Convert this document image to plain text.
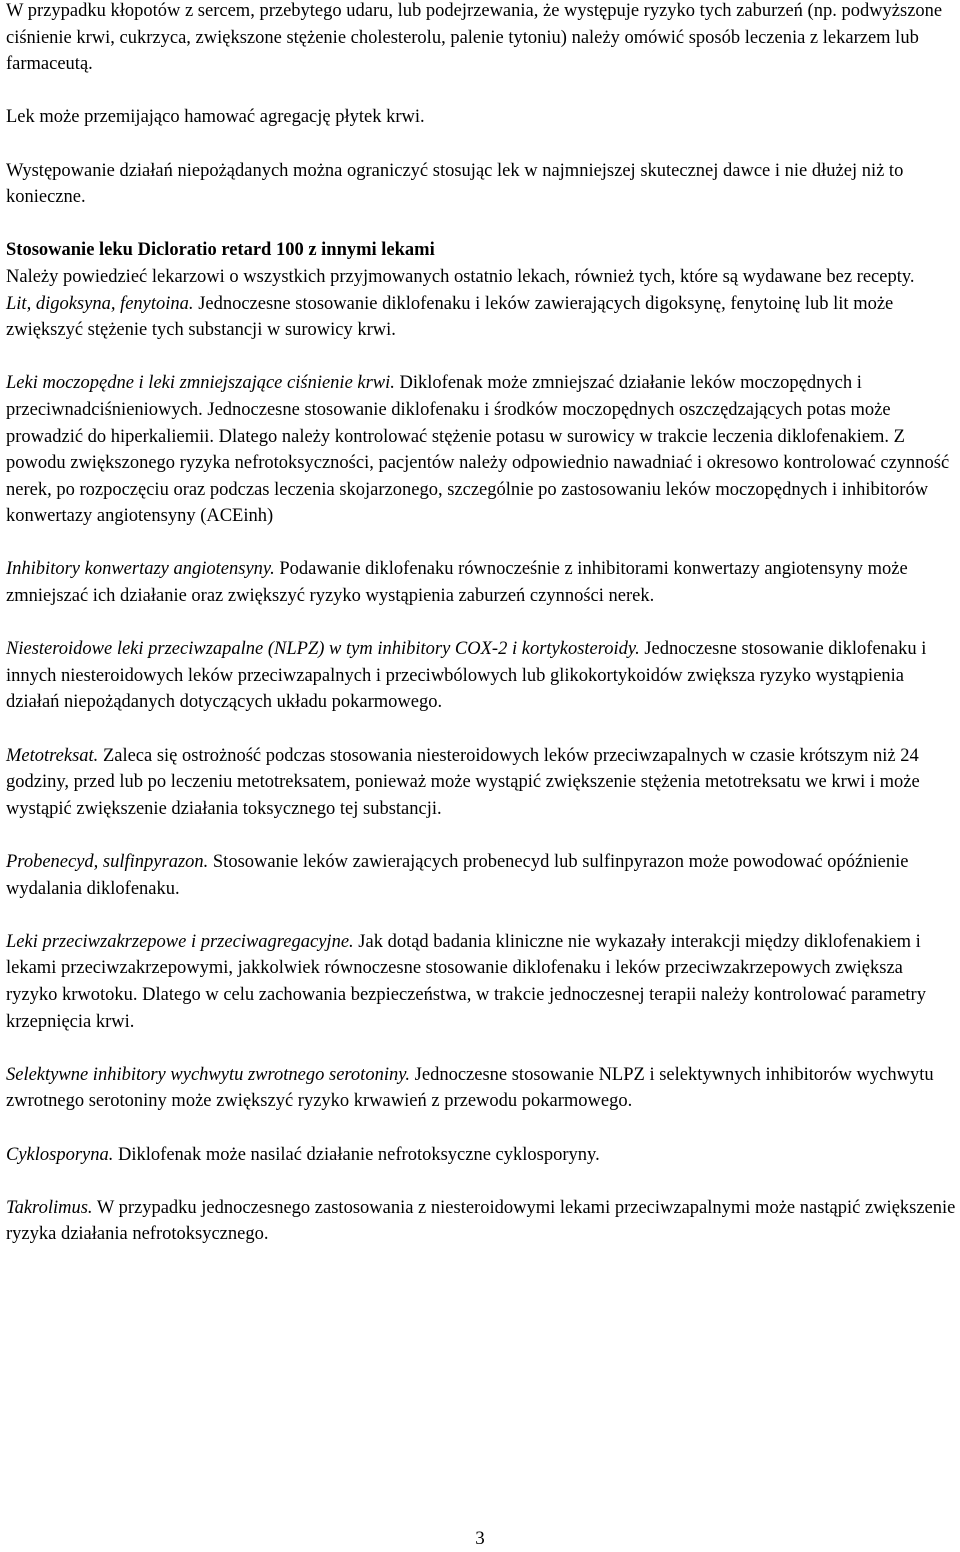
W przypadku kłopotów z sercem, przebytego udaru, lub podejrzewania, że występuje ryzyko tych zaburzeń (np. podwyższone ciśnienie krwi, cukrzyca, zwiększone stężenie cholesterolu, palenie tytoniu) należy omówić sposób leczenia z lekarzem lub farmaceutą.

Lek może przemijająco hamować agregację płytek krwi.

Występowanie działań niepożądanych można ograniczyć stosując lek w najmniejszej skutecznej dawce i nie dłużej niż to konieczne.

Stosowanie leku Dicloratio retard 100 z innymi lekami
Należy powiedzieć lekarzowi o wszystkich przyjmowanych ostatnio lekach, również tych, które są wydawane bez recepty.

Lit, digoksyna, fenytoina. Jednoczesne stosowanie diklofenaku i leków zawierających digoksynę, fenytoinę lub lit może zwiększyć stężenie tych substancji w surowicy krwi.

Leki moczopędne i leki zmniejszające ciśnienie krwi. Diklofenak może zmniejszać działanie leków moczopędnych i przeciwnadciśnieniowych. Jednoczesne stosowanie diklofenaku i środków moczopędnych oszczędzających potas może prowadzić do hiperkaliemii. Dlatego należy kontrolować stężenie potasu w surowicy w trakcie leczenia diklofenakiem. Z powodu zwiększonego ryzyka nefrotoksyczności, pacjentów należy odpowiednio nawadniać i okresowo kontrolować czynność nerek, po rozpoczęciu oraz podczas leczenia skojarzonego, szczególnie po zastosowaniu leków moczopędnych i inhibitorów konwertazy angiotensyny (ACEinh)

Inhibitory konwertazy angiotensyny. Podawanie diklofenaku równocześnie z inhibitorami konwertazy angiotensyny może zmniejszać ich działanie oraz zwiększyć ryzyko wystąpienia zaburzeń czynności nerek.

Niesteroidowe leki przeciwzapalne (NLPZ) w tym inhibitory COX-2 i kortykosteroidy. Jednoczesne stosowanie diklofenaku i innych niesteroidowych leków przeciwzapalnych i przeciwbólowych lub glikokortykoidów zwiększa ryzyko wystąpienia działań niepożądanych dotyczących układu pokarmowego.

Metotreksat. Zaleca się ostrożność podczas stosowania niesteroidowych leków przeciwzapalnych w czasie krótszym niż 24 godziny, przed lub po leczeniu metotreksatem, ponieważ może wystąpić zwiększenie stężenia metotreksatu we krwi i może wystąpić zwiększenie działania toksycznego tej substancji.

Probenecyd, sulfinpyrazon. Stosowanie leków zawierających probenecyd lub sulfinpyrazon może powodować opóźnienie wydalania diklofenaku.

Leki przeciwzakrzepowe i przeciwagregacyjne. Jak dotąd badania kliniczne nie wykazały interakcji między diklofenakiem i lekami przeciwzakrzepowymi, jakkolwiek równoczesne stosowanie diklofenaku i leków przeciwzakrzepowych zwiększa ryzyko krwotoku. Dlatego w celu zachowania bezpieczeństwa, w trakcie jednoczesnej terapii należy kontrolować parametry krzepnięcia krwi.

Selektywne inhibitory wychwytu zwrotnego serotoniny. Jednoczesne stosowanie NLPZ i selektywnych inhibitorów wychwytu zwrotnego serotoniny może zwiększyć ryzyko krwawień z przewodu pokarmowego.

Cyklosporyna. Diklofenak może nasilać działanie nefrotoksyczne cyklosporyny.

Takrolimus. W przypadku jednoczesnego zastosowania z niesteroidowymi lekami przeciwzapalnymi może nastąpić zwiększenie ryzyka działania nefrotoksycznego.

3
